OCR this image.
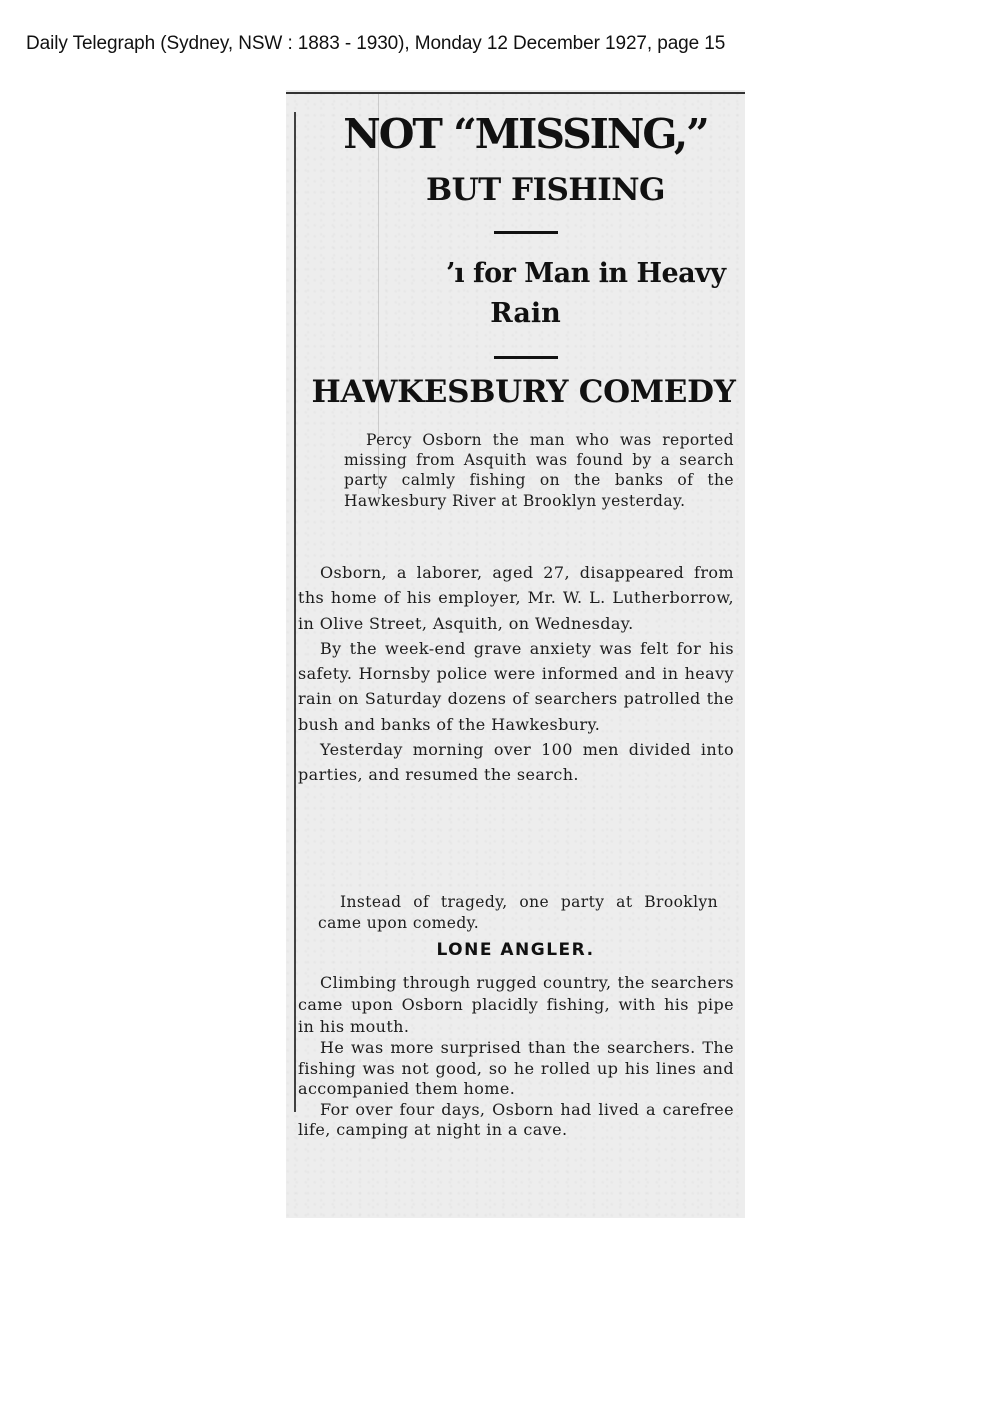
Daily Telegraph (Sydney, NSW : 1883 - 1930), Monday 12 December 1927, page 15
NOT “MISSING,”
BUT FISHING
ʼı for Man in Heavy
Rain
HAWKESBURY COMEDY

Percy Osborn the man who was reported missing from Asquith was found by a search party calmly fishing on the banks of the Hawkesbury River at Brooklyn yesterday.

Osborn, a laborer, aged 27, disappeared from ths home of his employer, Mr. W. L. Lutherborrow, in Olive Street, Asquith, on Wednesday.

By the week-end grave anxiety was felt for his safety. Hornsby police were informed and in heavy rain on Saturday dozens of searchers patrolled the bush and banks of the Hawkesbury.

Yesterday morning over 100 men divided into parties, and resumed the search.

Instead of tragedy, one party at Brooklyn came upon comedy.

LONE ANGLER.

Climbing through rugged country, the searchers came upon Osborn placidly fishing, with his pipe in his mouth.

He was more surprised than the searchers. The fishing was not good, so he rolled up his lines and accompanied them home.

For over four days, Osborn had lived a carefree life, camping at night in a cave.
